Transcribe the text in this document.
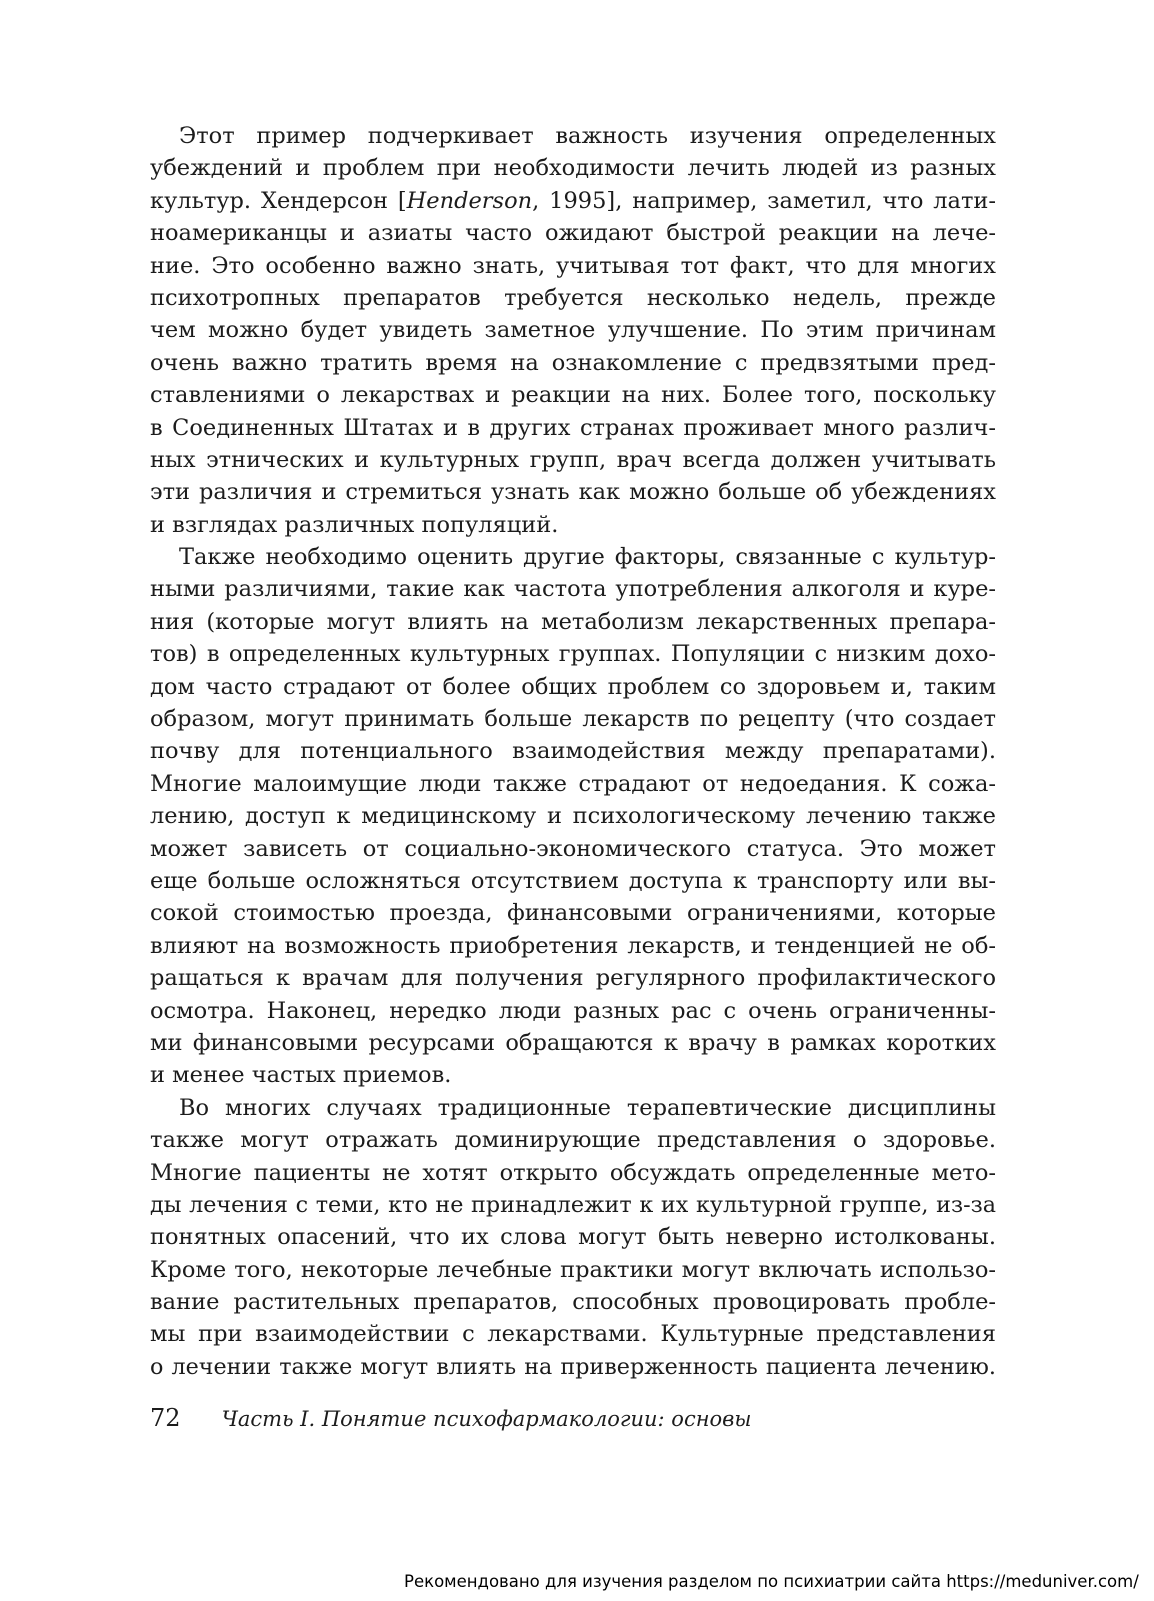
Этот пример подчеркивает важность изучения определенных
убеждений и проблем при необходимости лечить людей из разных
культур. Хендерсон [Henderson, 1995], например, заметил, что лати-
ноамериканцы и азиаты часто ожидают быстрой реакции на лече-
ние. Это особенно важно знать, учитывая тот факт, что для многих
психотропных препаратов требуется несколько недель, прежде
чем можно будет увидеть заметное улучшение. По этим причинам
очень важно тратить время на ознакомление с предвзятыми пред-
ставлениями о лекарствах и реакции на них. Более того, поскольку
в Соединенных Штатах и в других странах проживает много различ-
ных этнических и культурных групп, врач всегда должен учитывать
эти различия и стремиться узнать как можно больше об убеждениях
и взглядах различных популяций.
Также необходимо оценить другие факторы, связанные с культур-
ными различиями, такие как частота употребления алкоголя и куре-
ния (которые могут влиять на метаболизм лекарственных препара-
тов) в определенных культурных группах. Популяции с низким дохо-
дом часто страдают от более общих проблем со здоровьем и, таким
образом, могут принимать больше лекарств по рецепту (что создает
почву для потенциального взаимодействия между препаратами).
Многие малоимущие люди также страдают от недоедания. К сожа-
лению, доступ к медицинскому и психологическому лечению также
может зависеть от социально-экономического статуса. Это может
еще больше осложняться отсутствием доступа к транспорту или вы-
сокой стоимостью проезда, финансовыми ограничениями, которые
влияют на возможность приобретения лекарств, и тенденцией не об-
ращаться к врачам для получения регулярного профилактического
осмотра. Наконец, нередко люди разных рас с очень ограниченны-
ми финансовыми ресурсами обращаются к врачу в рамках коротких
и менее частых приемов.
Во многих случаях традиционные терапевтические дисциплины
также могут отражать доминирующие представления о здоровье.
Многие пациенты не хотят открыто обсуждать определенные мето-
ды лечения с теми, кто не принадлежит к их культурной группе, из-за
понятных опасений, что их слова могут быть неверно истолкованы.
Кроме того, некоторые лечебные практики могут включать использо-
вание растительных препаратов, способных провоцировать пробле-
мы при взаимодействии с лекарствами. Культурные представления
о лечении также могут влиять на приверженность пациента лечению.
72 Часть I. Понятие психофармакологии: основы
Рекомендовано для изучения разделом по психиатрии сайта https://meduniver.com/
